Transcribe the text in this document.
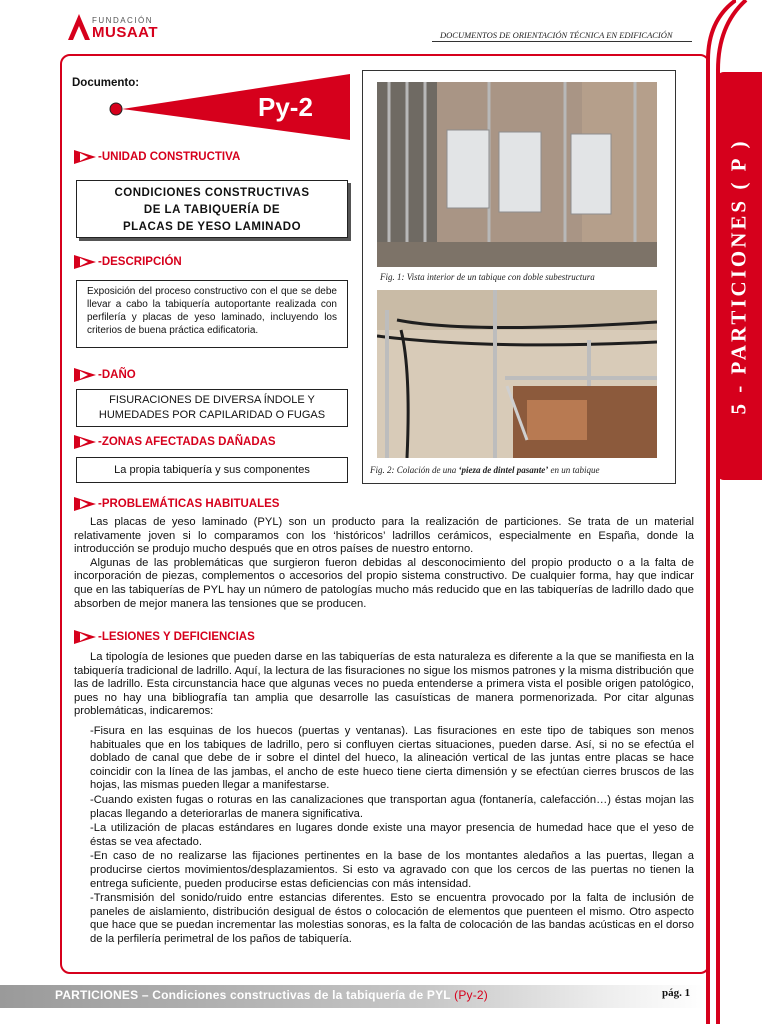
FUNDACIÓN
MUSAAT	DOCUMENTOS DE ORIENTACIÓN TÉCNICA EN EDIFICACIÓN
5 - PARTICIONES ( P )
Documento:
Py-2
-UNIDAD CONSTRUCTIVA
CONDICIONES CONSTRUCTIVAS
DE LA TABIQUERÍA DE
PLACAS DE YESO LAMINADO
-DESCRIPCIÓN
Exposición del proceso constructivo con el que se debe llevar a cabo la tabiquería autoportante realizada con perfilería y placas de yeso laminado, incluyendo los criterios de buena práctica edificatoria.
-DAÑO
FISURACIONES DE DIVERSA ÍNDOLE Y
HUMEDADES POR CAPILARIDAD O FUGAS
-ZONAS AFECTADAS DAÑADAS
La propia tabiquería y sus componentes
Fig. 1: Vista interior de un tabique con doble subestructura
Fig. 2: Colación de una ‘pieza de dintel pasante’ en un tabique
-PROBLEMÁTICAS HABITUALES

Las placas de yeso laminado (PYL) son un producto para la realización de particiones. Se trata de un material relativamente joven si lo comparamos con los ‘históricos’ ladrillos cerámicos, especialmente en España, donde la introducción se produjo mucho después que en otros países de nuestro entorno.

Algunas de las problemáticas que surgieron fueron debidas al desconocimiento del propio producto o a la falta de incorporación de piezas, complementos o accesorios del propio sistema constructivo. De cualquier forma, hay que indicar que en las tabiquerías de PYL hay un número de patologías mucho más reducido que en las tabiquerías de ladrillo dado que absorben de mejor manera las tensiones que se producen.

-LESIONES Y DEFICIENCIAS

La tipología de lesiones que pueden darse en las tabiquerías de esta naturaleza es diferente a la que se manifiesta en la tabiquería tradicional de ladrillo. Aquí, la lectura de las fisuraciones no sigue los mismos patrones y la misma distribución que las de ladrillo. Esta circunstancia hace que algunas veces no pueda entenderse a primera vista el posible origen patológico, pues no hay una bibliografía tan amplia que desarrolle las casuísticas de manera pormenorizada. Por citar algunas problemáticas, indicaremos:

-Fisura en las esquinas de los huecos (puertas y ventanas). Las fisuraciones en este tipo de tabiques son menos habituales que en los tabiques de ladrillo, pero si confluyen ciertas situaciones, pueden darse. Así, si no se efectúa el doblado de canal que debe de ir sobre el dintel del hueco, la alineación vertical de las juntas entre placas se hace coincidir con la línea de las jambas, el ancho de este hueco tiene cierta dimensión y se efectúan cierres bruscos de las hojas, las mismas pueden llegar a manifestarse.

-Cuando existen fugas o roturas en las canalizaciones que transportan agua (fontanería, calefacción…) éstas mojan las placas llegando a deteriorarlas de manera significativa.

-La utilización de placas estándares en lugares donde existe una mayor presencia de humedad hace que el yeso de éstas se vea afectado.

-En caso de no realizarse las fijaciones pertinentes en la base de los montantes aledaños a las puertas, llegan a producirse ciertos movimientos/desplazamientos. Si esto va agravado con que los cercos de las puertas no tienen la entrega suficiente, pueden producirse estas deficiencias con más intensidad.

-Transmisión del sonido/ruido entre estancias diferentes. Esto se encuentra provocado por la falta de inclusión de paneles de aislamiento, distribución desigual de éstos o colocación de elementos que puenteen el mismo. Otro aspecto que hace que se puedan incrementar las molestias sonoras, es la falta de colocación de las bandas acústicas en el dorso de la perfilería perimetral de los paños de tabiquería.

PARTICIONES – Condiciones constructivas de la tabiquería de PYL (Py-2)	pág. 1
